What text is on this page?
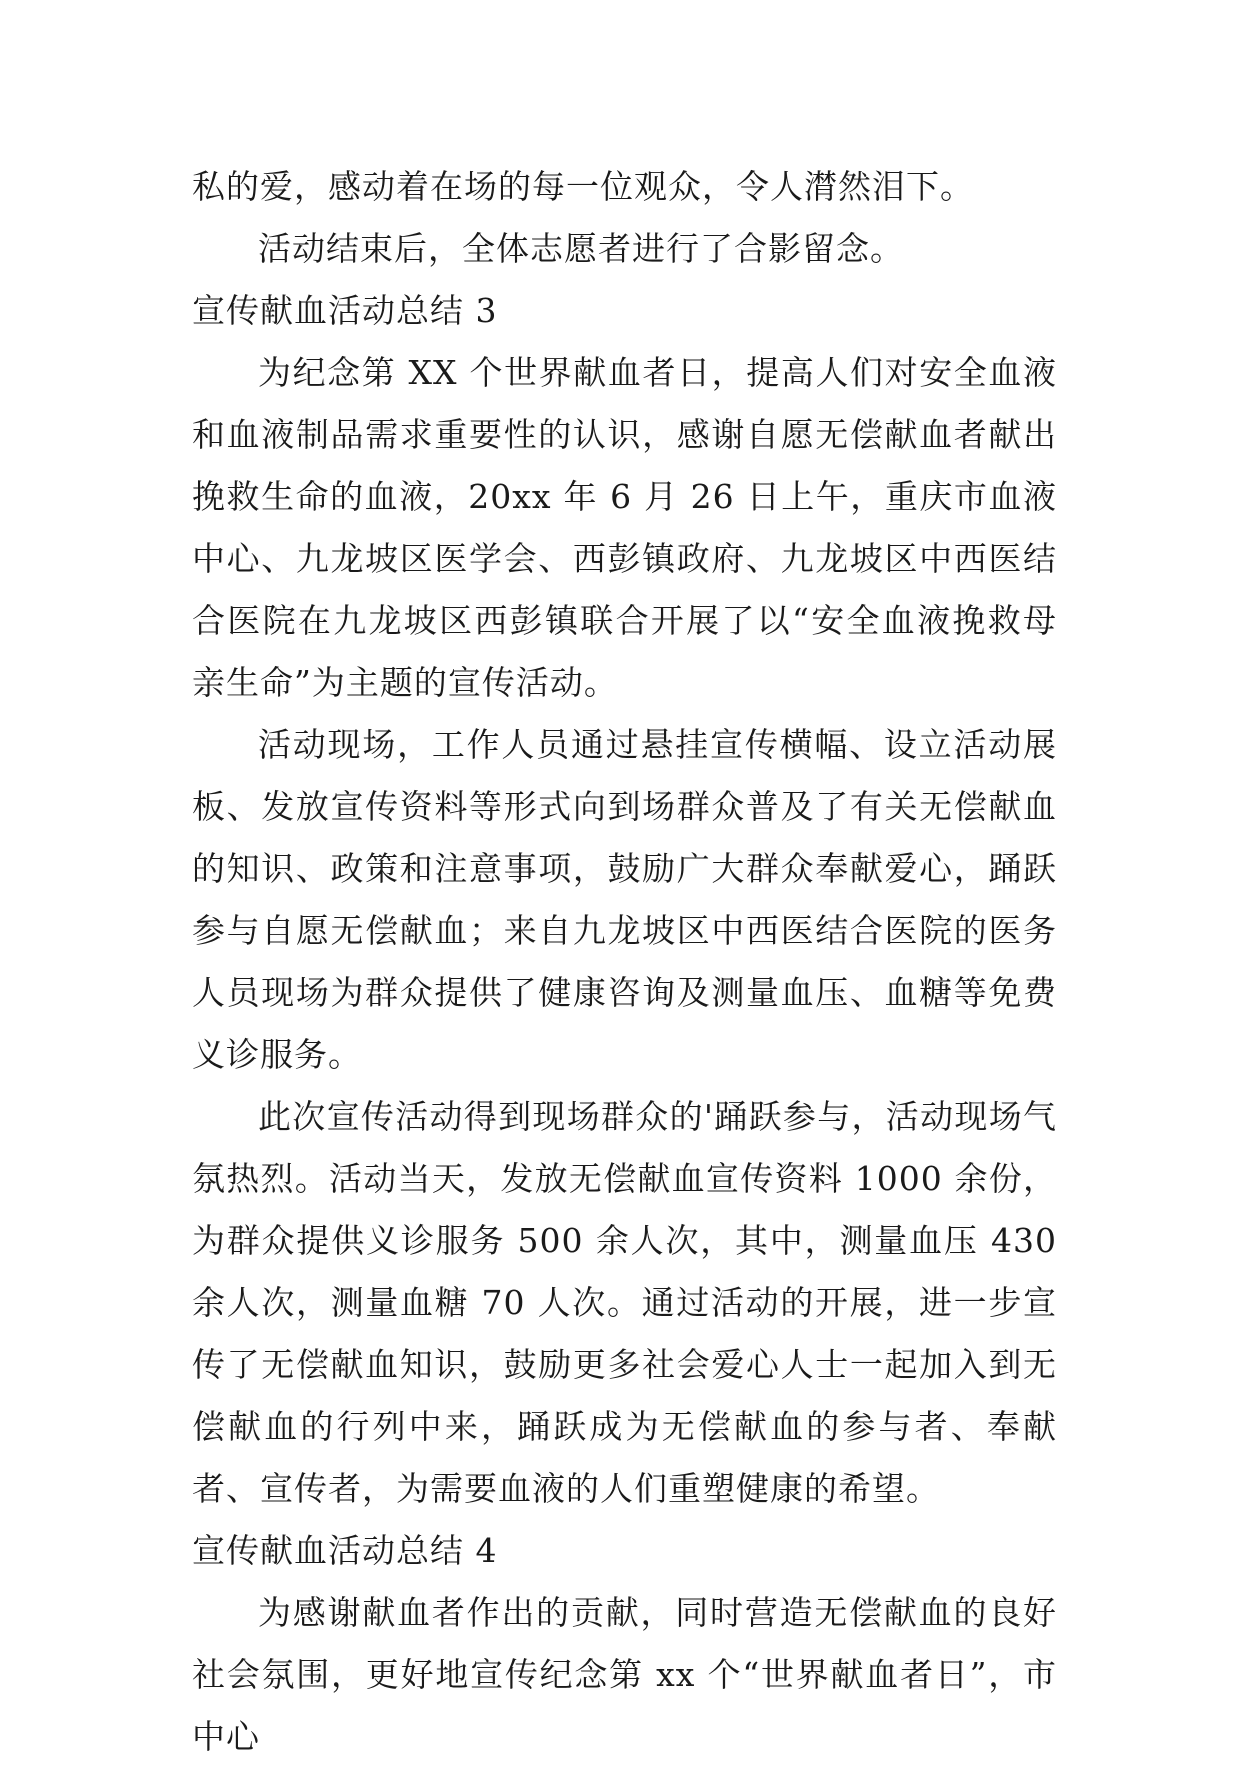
私的爱，感动着在场的每一位观众，令人潸然泪下。

活动结束后，全体志愿者进行了合影留念。

宣传献血活动总结 3

为纪念第 XX 个世界献血者日，提高人们对安全血液和血液制品需求重要性的认识，感谢自愿无偿献血者献出挽救生命的血液，20xx 年 6 月 26 日上午，重庆市血液中心、九龙坡区医学会、西彭镇政府、九龙坡区中西医结合医院在九龙坡区西彭镇联合开展了以“安全血液挽救母亲生命”为主题的宣传活动。

活动现场，工作人员通过悬挂宣传横幅、设立活动展板、发放宣传资料等形式向到场群众普及了有关无偿献血的知识、政策和注意事项，鼓励广大群众奉献爱心，踊跃参与自愿无偿献血；来自九龙坡区中西医结合医院的医务人员现场为群众提供了健康咨询及测量血压、血糖等免费义诊服务。

此次宣传活动得到现场群众的'踊跃参与，活动现场气氛热烈。活动当天，发放无偿献血宣传资料 1000 余份，为群众提供义诊服务 500 余人次，其中，测量血压 430 余人次，测量血糖 70 人次。通过活动的开展，进一步宣传了无偿献血知识，鼓励更多社会爱心人士一起加入到无偿献血的行列中来，踊跃成为无偿献血的参与者、奉献者、宣传者，为需要血液的人们重塑健康的希望。

宣传献血活动总结 4

为感谢献血者作出的贡献，同时营造无偿献血的良好社会氛围，更好地宣传纪念第 xx 个“世界献血者日”，市中心
